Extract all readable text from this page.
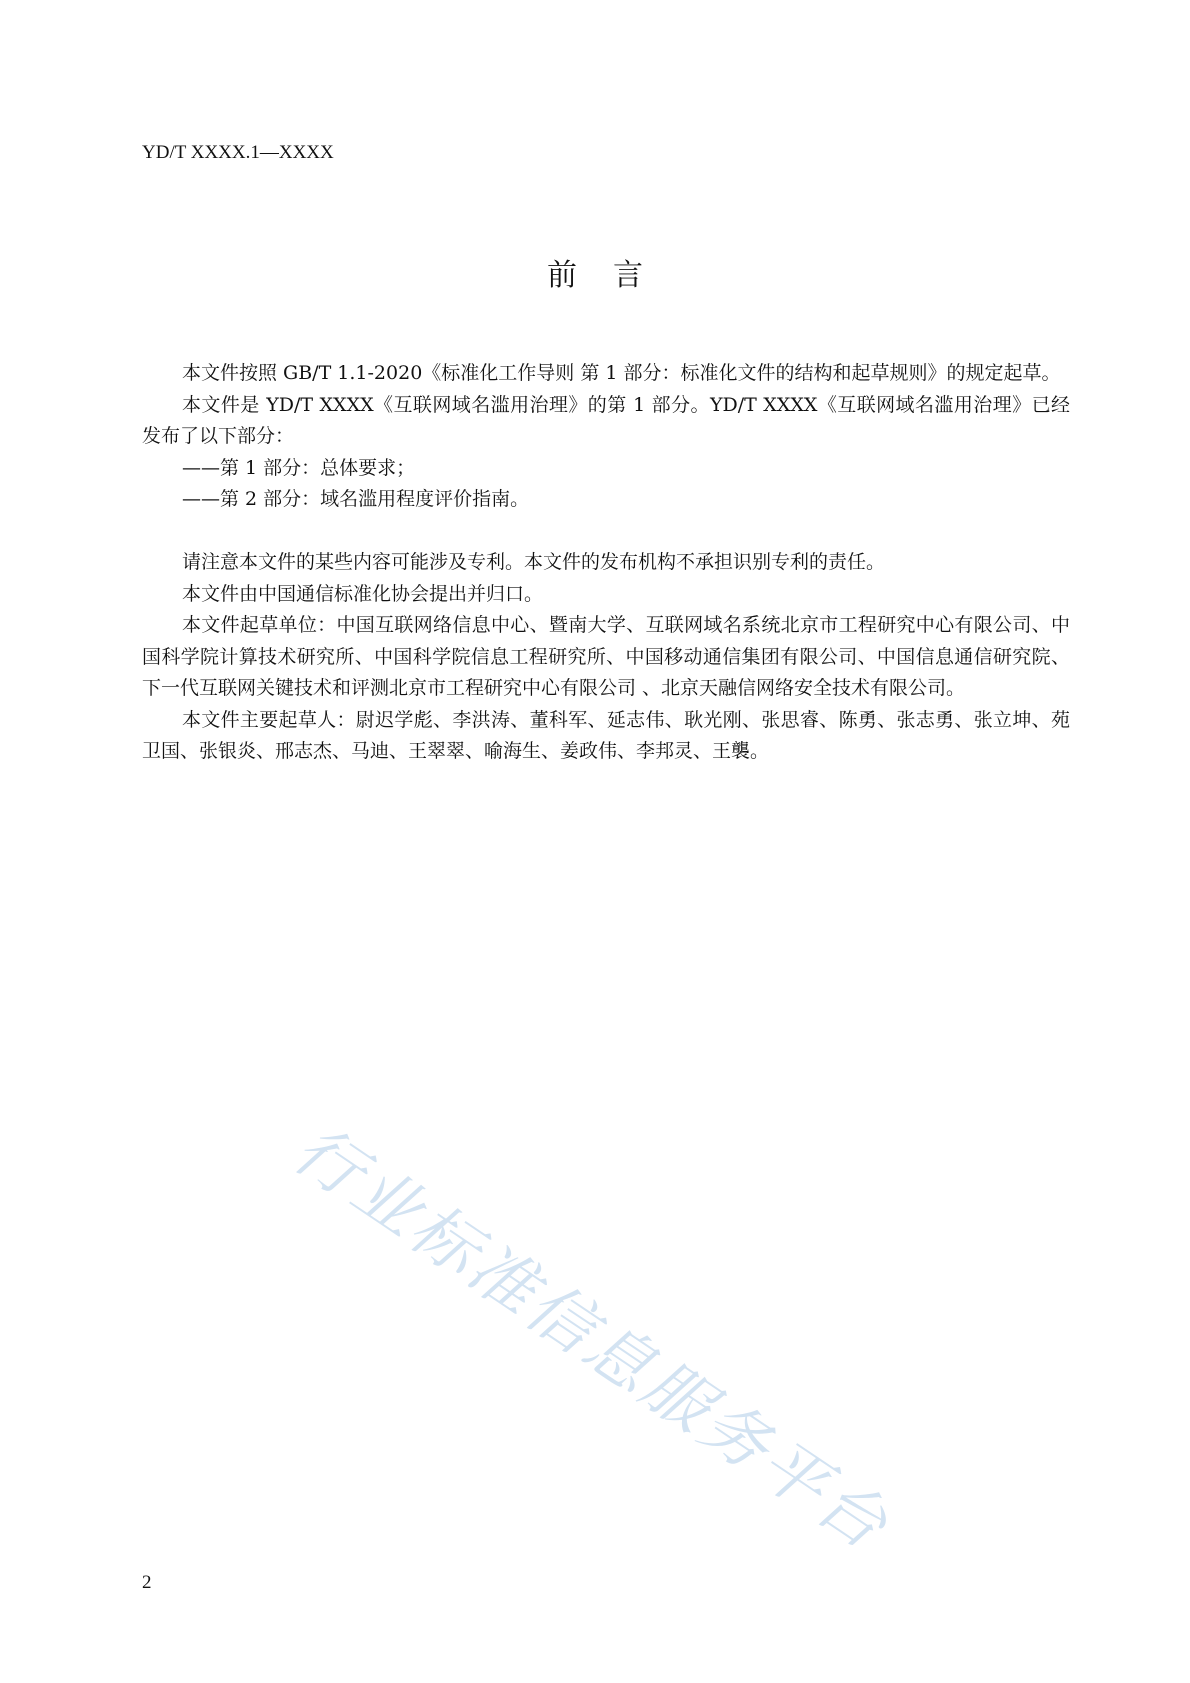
YD/T XXXX.1—XXXX
前言

本文件按照 GB/T 1.1-2020《标准化工作导则 第 1 部分：标准化文件的结构和起草规则》的规定起草。

本文件是 YD/T XXXX《互联网域名滥用治理》的第 1 部分。YD/T XXXX《互联网域名滥用治理》已经发布了以下部分：

——第 1 部分：总体要求；

——第 2 部分：域名滥用程度评价指南。

请注意本文件的某些内容可能涉及专利。本文件的发布机构不承担识别专利的责任。

本文件由中国通信标准化协会提出并归口。

本文件起草单位：中国互联网络信息中心、暨南大学、互联网域名系统北京市工程研究中心有限公司、中国科学院计算技术研究所、中国科学院信息工程研究所、中国移动通信集团有限公司、中国信息通信研究院、下一代互联网关键技术和评测北京市工程研究中心有限公司 、北京天融信网络安全技术有限公司。

本文件主要起草人：尉迟学彪、李洪涛、董科军、延志伟、耿光刚、张思睿、陈勇、张志勇、张立坤、苑卫国、张银炎、邢志杰、马迪、王翠翠、喻海生、姜政伟、李邦灵、王襲。

行业标准信息服务平台
2
